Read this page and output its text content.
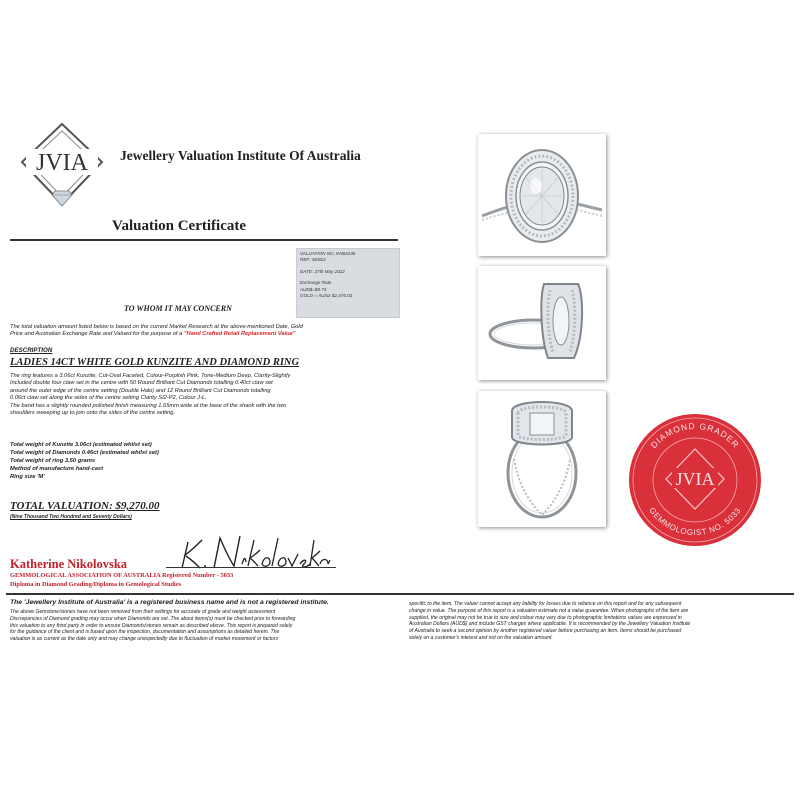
JVIA Jewellery Valuation Institute Of Australia
Valuation Certificate
VALUATION NO. KN82236
REF: 36/822
DATE: 27th May 2022
Exchange Rate
AUD$=$0.74
GOLD = AU/oz $2,476.03
TO WHOM IT MAY CONCERN
The total valuation amount listed below is based on the current Market Research at the above-mentioned Date, Gold
Price and Australian Exchange Rate and Valued for the purpose of a "Hand Crafted Retail Replacement Value"
DESCRIPTION
LADIES 14CT WHITE GOLD KUNZITE AND DIAMOND RING
The ring features a 3.06ct Kunzite, Cut-Oval Faceted, Colour-Purplish Pink, Tone-Medium Deep, Clarity-Slightly
Included double four claw set in the centre with 50 Round Brilliant Cut Diamonds totalling 0.40ct claw set
around the outer edge of the centre setting (Double Halo) and 12 Round Brilliant Cut Diamonds totalling
0.06ct claw set along the sides of the centre setting Clarity SI2-P2, Colour J-L.
The band has a slightly rounded polished finish measuring 1.65mm wide at the base of the shank with the two
shoulders sweeping up to join onto the sides of the centre setting.
Total weight of Kunzite 3.06ct (estimated whilst set)
Total weight of Diamonds 0.46ct (estimated whilst set)
Total weight of ring 3.50 grams
Method of manufacture hand-cast
Ring size 'M'
TOTAL VALUATION: $9,270.00
(Nine Thousand Two Hundred and Seventy Dollars)
Katherine Nikolovska
GEMMOLOGICAL ASSOCIATION OF AUSTRALIA Registered Number - 5033
Diploma in Diamond Grading/Diploma in Gemological Studies
The 'Jewellery Institute of Australia' is a registered business name and is not a registered institute.
The above Gemstone/stones have not been removed from their settings for accurate of grade and weight assessment
Discrepancies of Diamond grading may occur when Diamonds are set. The about items(s) must be checked prior to forwarding
this valuation to any third party in order to ensure Diamonds/stones remain as described above. This report is prepared solely
for the guidance of the client and is based upon the inspection, documentation and assumptions as detailed herein. The
valuation is as current as the date only and may change unexpectedly due to fluctuation of market movement or factors
specific to the item. The valuer cannot accept any liability for losses due to reliance on this report and for any subsequent
change in value. The purpose of this report is a valuation estimate not a value guarantee. When photographs of the item are
supplied, the original may not be true to size and colour may vary due to photographic limitations values are expressed in
Australian Dollars (AUD$) and include GST charges where applicable. It is recommended by the Jewellery Valuation Institute
of Australia to seek a second opinion by another registered valuer before purchasing an item. Items should be purchased
solely on a customer's interest and not on the valuation amount.
JVIA
DIAMOND GRADER
GEMMOLOGIST NO. 5033
